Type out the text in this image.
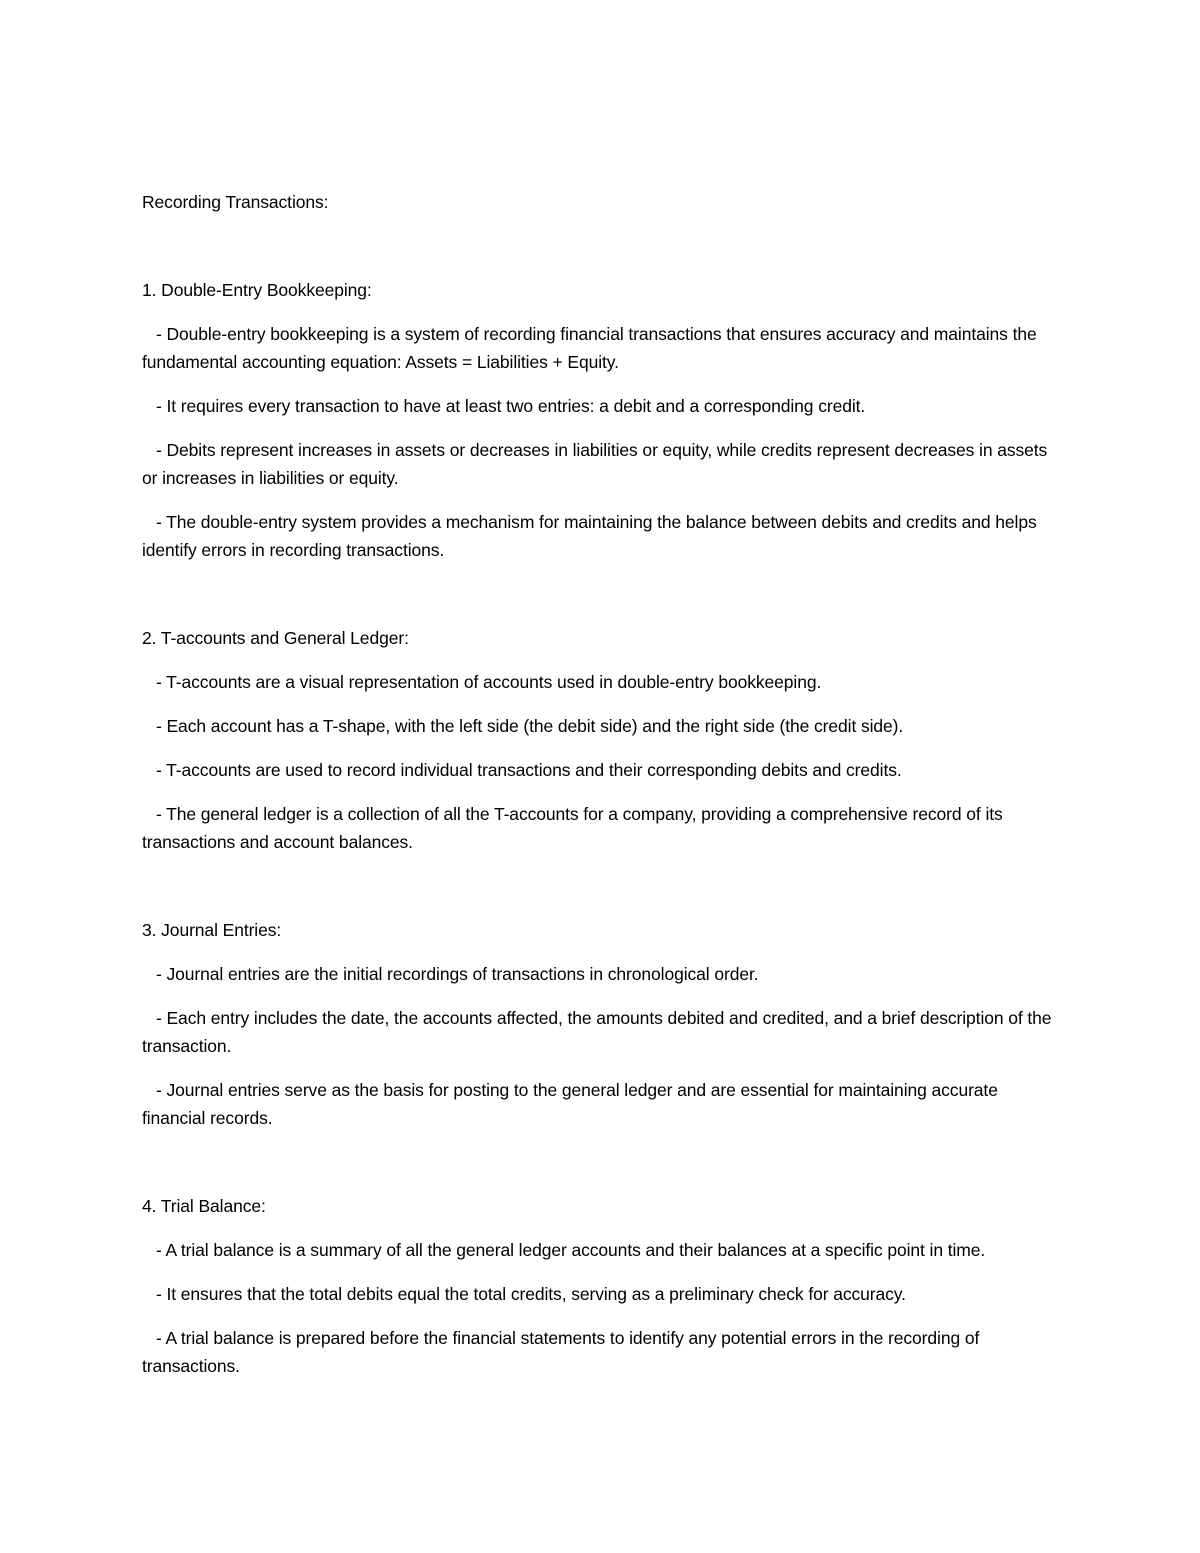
Recording Transactions:
1. Double-Entry Bookkeeping:

- Double-entry bookkeeping is a system of recording financial transactions that ensures accuracy and maintains the fundamental accounting equation: Assets = Liabilities + Equity.

- It requires every transaction to have at least two entries: a debit and a corresponding credit.

- Debits represent increases in assets or decreases in liabilities or equity, while credits represent decreases in assets or increases in liabilities or equity.

- The double-entry system provides a mechanism for maintaining the balance between debits and credits and helps identify errors in recording transactions.

2. T-accounts and General Ledger:

- T-accounts are a visual representation of accounts used in double-entry bookkeeping.

- Each account has a T-shape, with the left side (the debit side) and the right side (the credit side).

- T-accounts are used to record individual transactions and their corresponding debits and credits.

- The general ledger is a collection of all the T-accounts for a company, providing a comprehensive record of its transactions and account balances.

3. Journal Entries:

- Journal entries are the initial recordings of transactions in chronological order.

- Each entry includes the date, the accounts affected, the amounts debited and credited, and a brief description of the transaction.

- Journal entries serve as the basis for posting to the general ledger and are essential for maintaining accurate financial records.

4. Trial Balance:

- A trial balance is a summary of all the general ledger accounts and their balances at a specific point in time.

- It ensures that the total debits equal the total credits, serving as a preliminary check for accuracy.

- A trial balance is prepared before the financial statements to identify any potential errors in the recording of transactions.
